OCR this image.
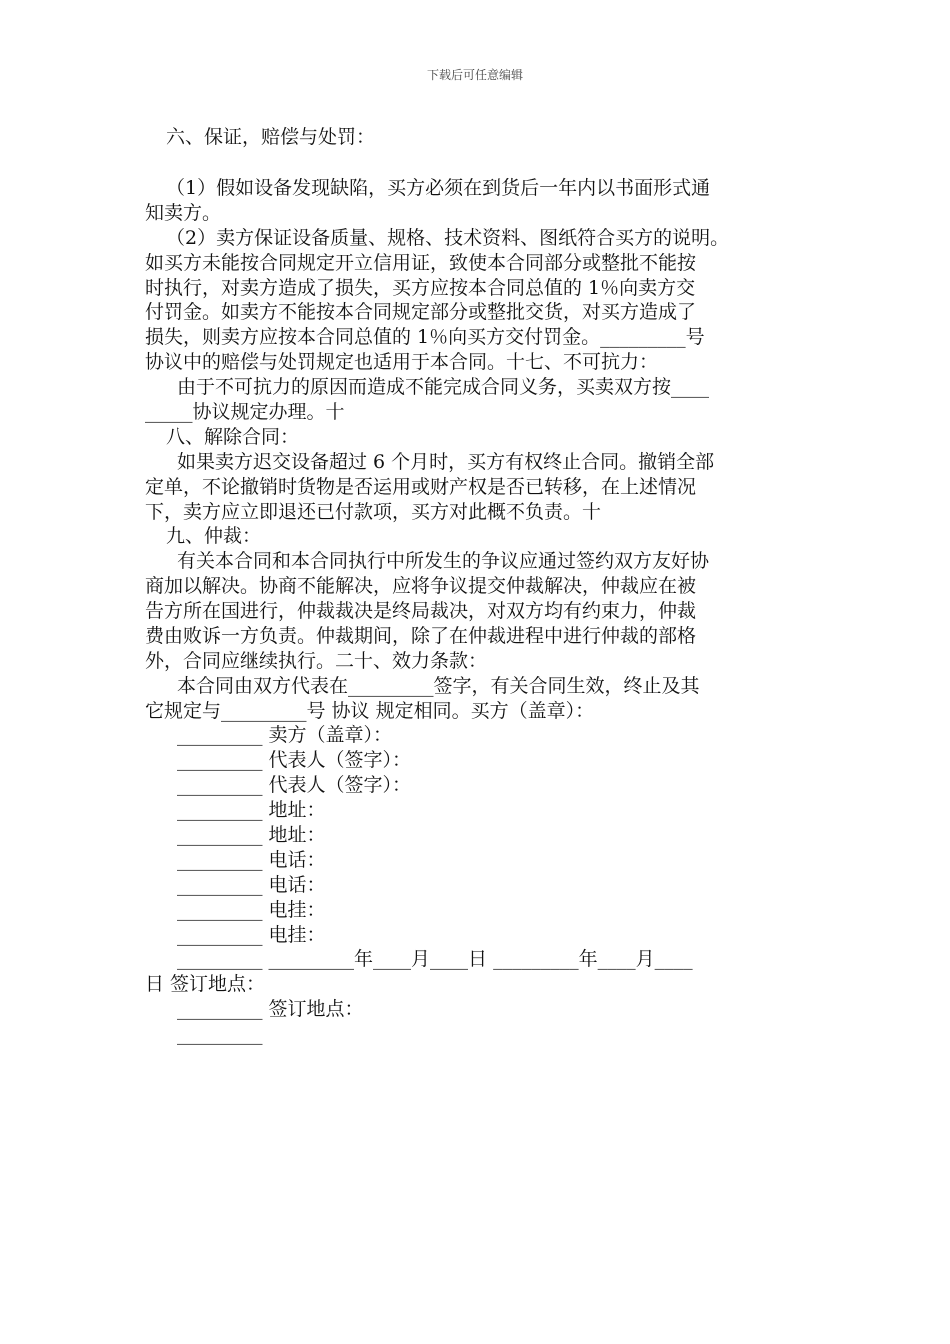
下载后可任意编辑
六、保证，赔偿与处罚：
（1）假如设备发现缺陷，买方必须在到货后一年内以书面形式通
知卖方。
（2）卖方保证设备质量、规格、技术资料、图纸符合买方的说明。
如买方未能按合同规定开立信用证，致使本合同部分或整批不能按
时执行，对卖方造成了损失，买方应按本合同总值的 1％向卖方交
付罚金。如卖方不能按本合同规定部分或整批交货，对买方造成了
损失，则卖方应按本合同总值的 1％向买方交付罚金。_________号
协议中的赔偿与处罚规定也适用于本合同。十七、不可抗力：
由于不可抗力的原因而造成不能完成合同义务，买卖双方按____
_____协议规定办理。十
八、解除合同：
如果卖方迟交设备超过 6 个月时，买方有权终止合同。撤销全部
定单，不论撤销时货物是否运用或财产权是否已转移，在上述情况
下，卖方应立即退还已付款项，买方对此概不负责。十
九、仲裁：
有关本合同和本合同执行中所发生的争议应通过签约双方友好协
商加以解决。协商不能解决，应将争议提交仲裁解决，仲裁应在被
告方所在国进行，仲裁裁决是终局裁决，对双方均有约束力，仲裁
费由败诉一方负责。仲裁期间，除了在仲裁进程中进行仲裁的部格
外，合同应继续执行。二十、效力条款：
本合同由双方代表在_________签字，有关合同生效，终止及其
它规定与_________号 协议 规定相同。买方（盖章）：
_________ 卖方（盖章）：
_________ 代表人（签字）：
_________ 代表人（签字）：
_________ 地址：
_________ 地址：
_________ 电话：
_________ 电话：
_________ 电挂：
_________ 电挂：
_________ _________年____月____日 _________年____月____
日 签订地点：
_________ 签订地点：
_________
